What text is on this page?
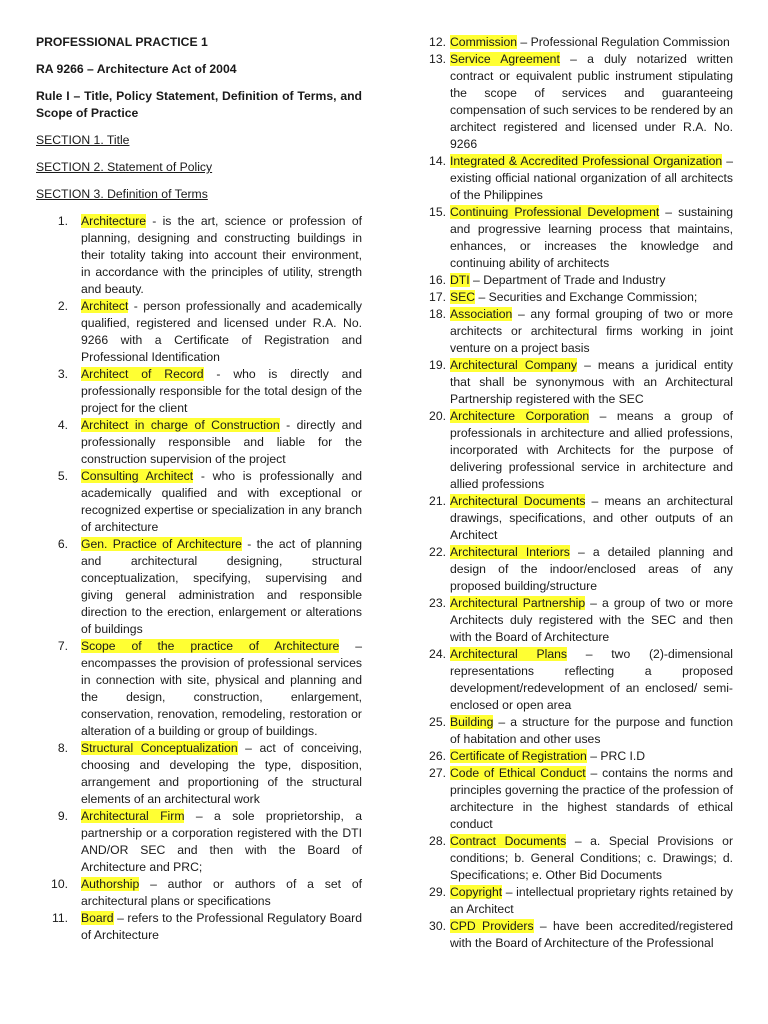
PROFESSIONAL PRACTICE 1
RA 9266 – Architecture Act of 2004
Rule I – Title, Policy Statement, Definition of Terms, and Scope of Practice
SECTION 1. Title
SECTION 2. Statement of Policy
SECTION 3. Definition of Terms
1. Architecture - is the art, science or profession of planning, designing and constructing buildings in their totality taking into account their environment, in accordance with the principles of utility, strength and beauty.
2. Architect - person professionally and academically qualified, registered and licensed under R.A. No. 9266 with a Certificate of Registration and Professional Identification
3. Architect of Record - who is directly and professionally responsible for the total design of the project for the client
4. Architect in charge of Construction - directly and professionally responsible and liable for the construction supervision of the project
5. Consulting Architect - who is professionally and academically qualified and with exceptional or recognized expertise or specialization in any branch of architecture
6. Gen. Practice of Architecture - the act of planning and architectural designing, structural conceptualization, specifying, supervising and giving general administration and responsible direction to the erection, enlargement or alterations of buildings
7. Scope of the practice of Architecture – encompasses the provision of professional services in connection with site, physical and planning and the design, construction, enlargement, conservation, renovation, remodeling, restoration or alteration of a building or group of buildings.
8. Structural Conceptualization – act of conceiving, choosing and developing the type, disposition, arrangement and proportioning of the structural elements of an architectural work
9. Architectural Firm – a sole proprietorship, a partnership or a corporation registered with the DTI AND/OR SEC and then with the Board of Architecture and PRC;
10. Authorship – author or authors of a set of architectural plans or specifications
11. Board – refers to the Professional Regulatory Board of Architecture
12. Commission – Professional Regulation Commission
13. Service Agreement – a duly notarized written contract or equivalent public instrument stipulating the scope of services and guaranteeing compensation of such services to be rendered by an architect registered and licensed under R.A. No. 9266
14. Integrated & Accredited Professional Organization – existing official national organization of all architects of the Philippines
15. Continuing Professional Development – sustaining and progressive learning process that maintains, enhances, or increases the knowledge and continuing ability of architects
16. DTI – Department of Trade and Industry
17. SEC – Securities and Exchange Commission;
18. Association – any formal grouping of two or more architects or architectural firms working in joint venture on a project basis
19. Architectural Company – means a juridical entity that shall be synonymous with an Architectural Partnership registered with the SEC
20. Architecture Corporation – means a group of professionals in architecture and allied professions, incorporated with Architects for the purpose of delivering professional service in architecture and allied professions
21. Architectural Documents – means an architectural drawings, specifications, and other outputs of an Architect
22. Architectural Interiors – a detailed planning and design of the indoor/enclosed areas of any proposed building/structure
23. Architectural Partnership – a group of two or more Architects duly registered with the SEC and then with the Board of Architecture
24. Architectural Plans – two (2)-dimensional representations reflecting a proposed development/redevelopment of an enclosed/ semi-enclosed or open area
25. Building – a structure for the purpose and function of habitation and other uses
26. Certificate of Registration – PRC I.D
27. Code of Ethical Conduct – contains the norms and principles governing the practice of the profession of architecture in the highest standards of ethical conduct
28. Contract Documents – a. Special Provisions or conditions; b. General Conditions; c. Drawings; d. Specifications; e. Other Bid Documents
29. Copyright – intellectual proprietary rights retained by an Architect
30. CPD Providers – have been accredited/registered with the Board of Architecture of the Professional
